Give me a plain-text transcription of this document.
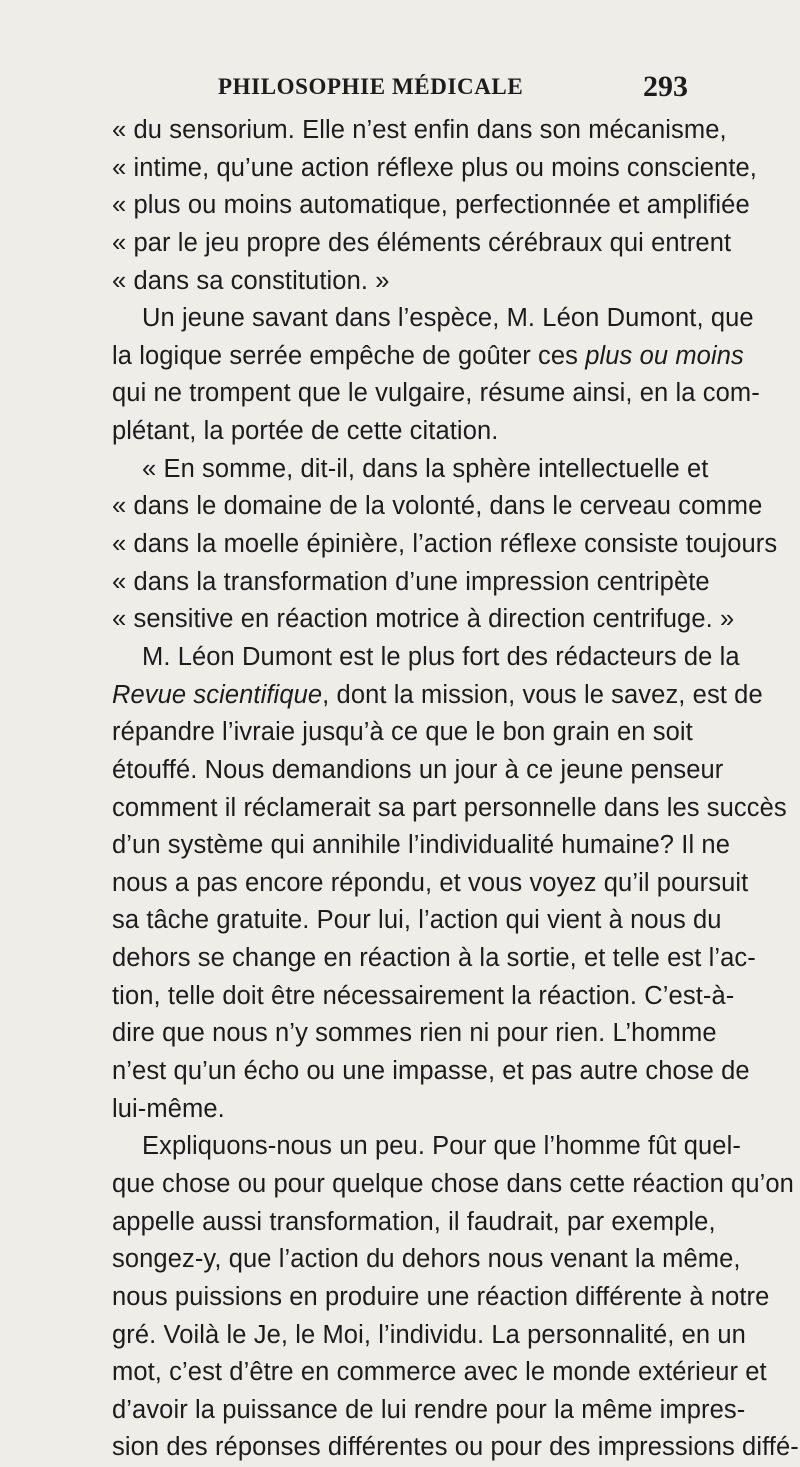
PHILOSOPHIE MÉDICALE	293
« du sensorium. Elle n’est enfin dans son mécanisme,
« intime, qu’une action réflexe plus ou moins consciente,
« plus ou moins automatique, perfectionnée et amplifiée
« par le jeu propre des éléments cérébraux qui entrent
« dans sa constitution. »
Un jeune savant dans l’espèce, M. Léon Dumont, que
la logique serrée empêche de goûter ces plus ou moins
qui ne trompent que le vulgaire, résume ainsi, en la com-
plétant, la portée de cette citation.
« En somme, dit-il, dans la sphère intellectuelle et
« dans le domaine de la volonté, dans le cerveau comme
« dans la moelle épinière, l’action réflexe consiste toujours
« dans la transformation d’une impression centripète
« sensitive en réaction motrice à direction centrifuge. »
M. Léon Dumont est le plus fort des rédacteurs de la
Revue scientifique, dont la mission, vous le savez, est de
répandre l’ivraie jusqu’à ce que le bon grain en soit
étouffé. Nous demandions un jour à ce jeune penseur
comment il réclamerait sa part personnelle dans les succès
d’un système qui annihile l’individualité humaine? Il ne
nous a pas encore répondu, et vous voyez qu’il poursuit
sa tâche gratuite. Pour lui, l’action qui vient à nous du
dehors se change en réaction à la sortie, et telle est l’ac-
tion, telle doit être nécessairement la réaction. C’est-à-
dire que nous n’y sommes rien ni pour rien. L’homme
n’est qu’un écho ou une impasse, et pas autre chose de
lui-même.
Expliquons-nous un peu. Pour que l’homme fût quel-
que chose ou pour quelque chose dans cette réaction qu’on
appelle aussi transformation, il faudrait, par exemple,
songez-y, que l’action du dehors nous venant la même,
nous puissions en produire une réaction différente à notre
gré. Voilà le Je, le Moi, l’individu. La personnalité, en un
mot, c’est d’être en commerce avec le monde extérieur et
d’avoir la puissance de lui rendre pour la même impres-
sion des réponses différentes ou pour des impressions diffé-
